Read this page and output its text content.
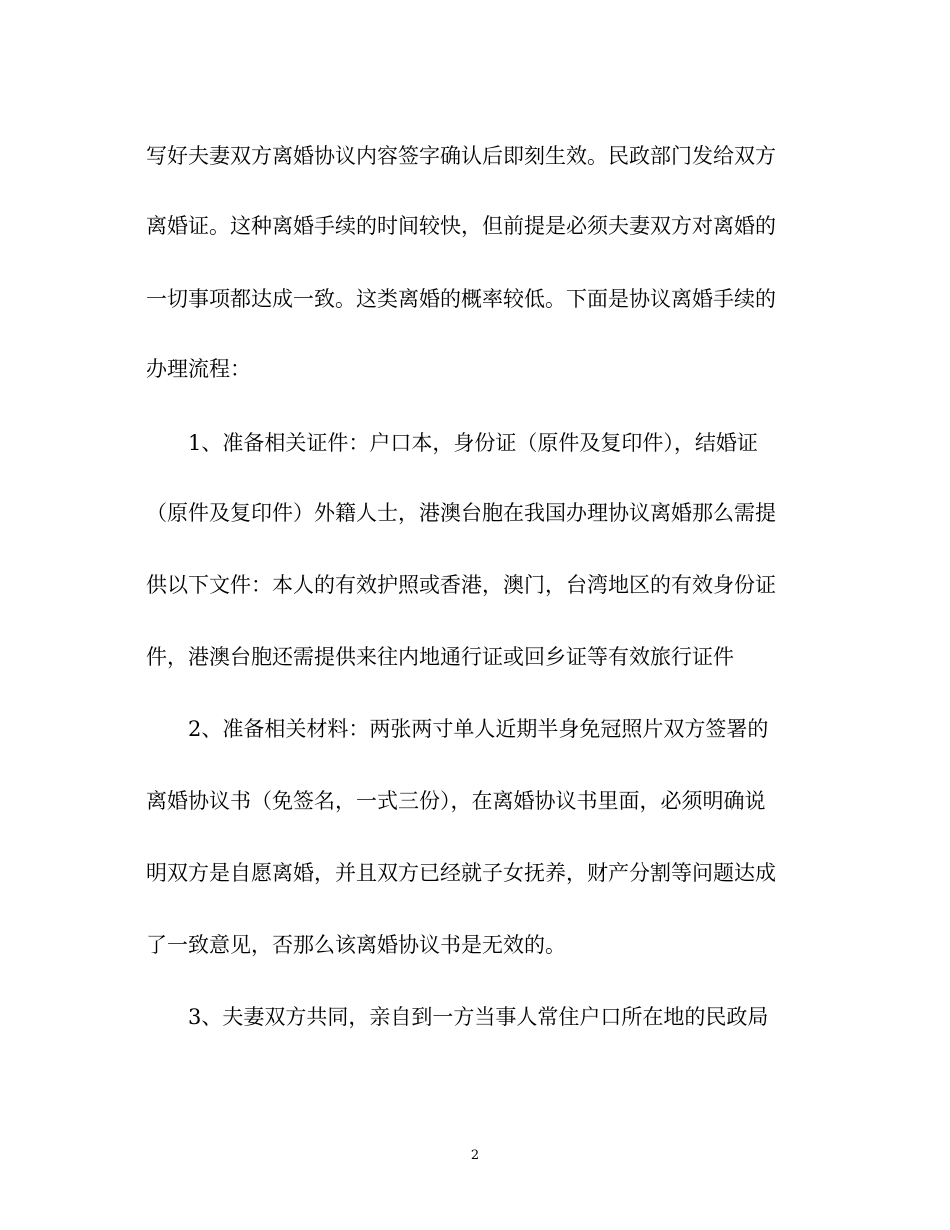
写好夫妻双方离婚协议内容签字确认后即刻生效。民政部门发给双方
离婚证。这种离婚手续的时间较快，但前提是必须夫妻双方对离婚的
一切事项都达成一致。这类离婚的概率较低。下面是协议离婚手续的
办理流程：
1、准备相关证件：户口本，身份证（原件及复印件），结婚证
（原件及复印件）外籍人士，港澳台胞在我国办理协议离婚那么需提
供以下文件：本人的有效护照或香港，澳门，台湾地区的有效身份证
件，港澳台胞还需提供来往内地通行证或回乡证等有效旅行证件
2、准备相关材料：两张两寸单人近期半身免冠照片双方签署的
离婚协议书（免签名，一式三份），在离婚协议书里面，必须明确说
明双方是自愿离婚，并且双方已经就子女抚养，财产分割等问题达成
了一致意见，否那么该离婚协议书是无效的。
3、夫妻双方共同，亲自到一方当事人常住户口所在地的民政局
2
